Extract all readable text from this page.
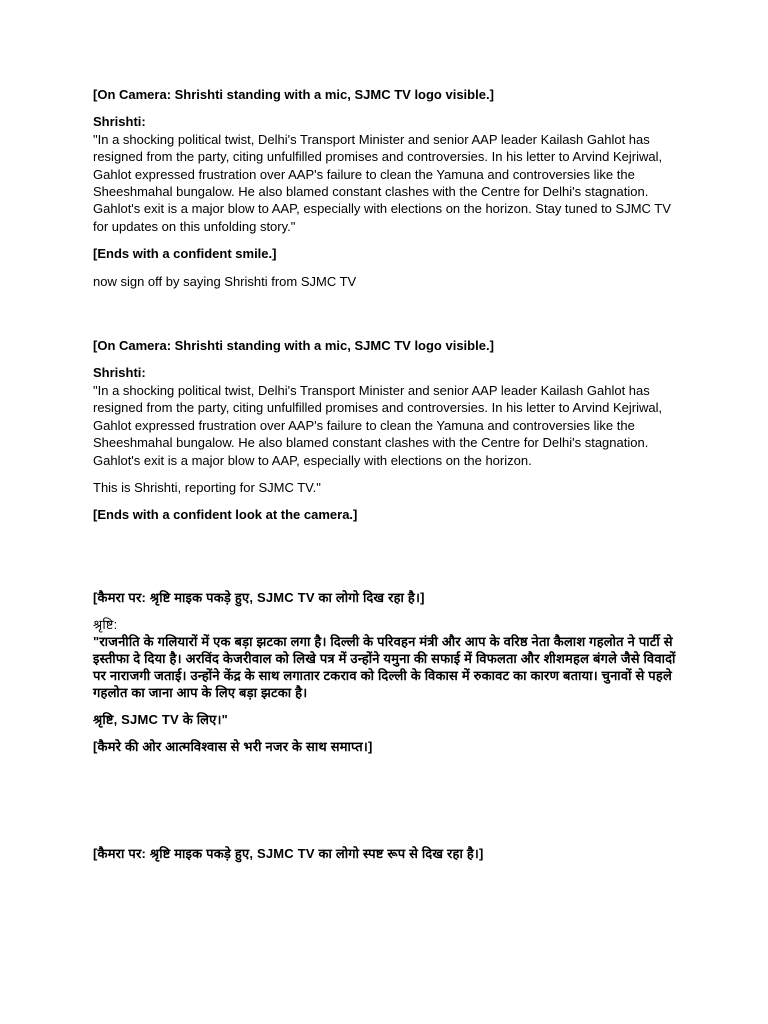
[On Camera: Shrishti standing with a mic, SJMC TV logo visible.]

Shrishti:
"In a shocking political twist, Delhi's Transport Minister and senior AAP leader Kailash Gahlot has resigned from the party, citing unfulfilled promises and controversies. In his letter to Arvind Kejriwal, Gahlot expressed frustration over AAP's failure to clean the Yamuna and controversies like the Sheeshmahal bungalow. He also blamed constant clashes with the Centre for Delhi's stagnation. Gahlot's exit is a major blow to AAP, especially with elections on the horizon. Stay tuned to SJMC TV for updates on this unfolding story."

[Ends with a confident smile.]

now sign off by saying Shrishti from SJMC TV

[On Camera: Shrishti standing with a mic, SJMC TV logo visible.]

Shrishti:
"In a shocking political twist, Delhi's Transport Minister and senior AAP leader Kailash Gahlot has resigned from the party, citing unfulfilled promises and controversies. In his letter to Arvind Kejriwal, Gahlot expressed frustration over AAP's failure to clean the Yamuna and controversies like the Sheeshmahal bungalow. He also blamed constant clashes with the Centre for Delhi's stagnation. Gahlot's exit is a major blow to AAP, especially with elections on the horizon.

This is Shrishti, reporting for SJMC TV."

[Ends with a confident look at the camera.]

[कैमरा पर: श्रृष्टि माइक पकड़े हुए, SJMC TV का लोगो दिख रहा है।]

श्रृष्टि:
"राजनीति के गलियारों में एक बड़ा झटका लगा है। दिल्ली के परिवहन मंत्री और आप के वरिष्ठ नेता कैलाश गहलोत ने पार्टी से इस्तीफा दे दिया है। अरविंद केजरीवाल को लिखे पत्र में उन्होंने यमुना की सफाई में विफलता और शीशमहल बंगले जैसे विवादों पर नाराजगी जताई। उन्होंने केंद्र के साथ लगातार टकराव को दिल्ली के विकास में रुकावट का कारण बताया। चुनावों से पहले गहलोत का जाना आप के लिए बड़ा झटका है।

श्रृष्टि, SJMC TV के लिए।"

[कैमरे की ओर आत्मविश्वास से भरी नजर के साथ समाप्त।]

[कैमरा पर: श्रृष्टि माइक पकड़े हुए, SJMC TV का लोगो स्पष्ट रूप से दिख रहा है।]
